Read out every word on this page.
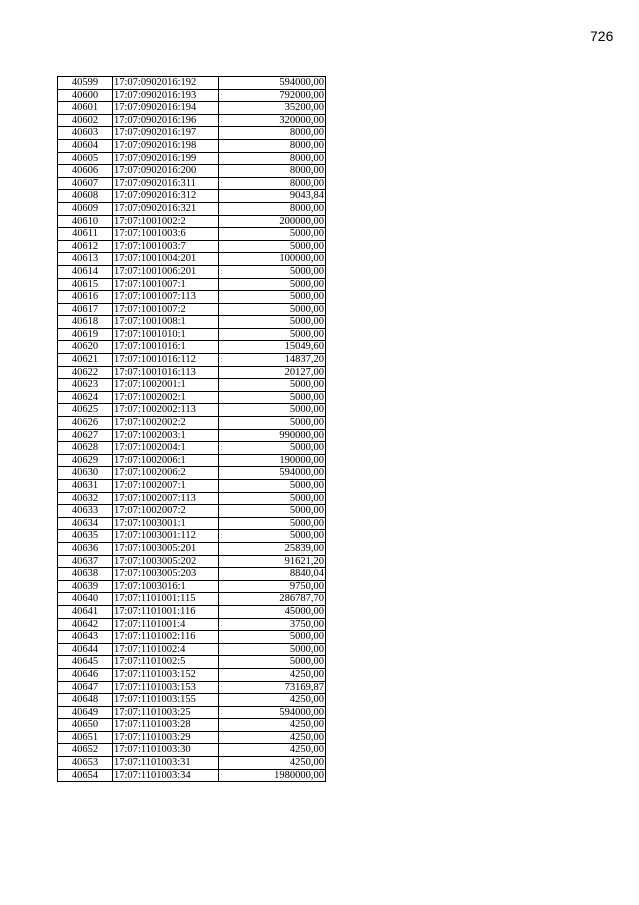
726
40599	17:07:0902016:192	594000,00
40600	17:07:0902016:193	792000,00
40601	17:07:0902016:194	35200,00
40602	17:07:0902016:196	320000,00
40603	17:07:0902016:197	8000,00
40604	17:07:0902016:198	8000,00
40605	17:07:0902016:199	8000,00
40606	17:07:0902016:200	8000,00
40607	17:07:0902016:311	8000,00
40608	17:07:0902016:312	9043,84
40609	17:07:0902016:321	8000,00
40610	17:07:1001002:2	200000,00
40611	17:07:1001003:6	5000,00
40612	17:07:1001003:7	5000,00
40613	17:07:1001004:201	100000,00
40614	17:07:1001006:201	5000,00
40615	17:07:1001007:1	5000,00
40616	17:07:1001007:113	5000,00
40617	17:07:1001007:2	5000,00
40618	17:07:1001008:1	5000,00
40619	17:07:1001010:1	5000,00
40620	17:07:1001016:1	15049,60
40621	17:07:1001016:112	14837,20
40622	17:07:1001016:113	20127,00
40623	17:07:1002001:1	5000,00
40624	17:07:1002002:1	5000,00
40625	17:07:1002002:113	5000,00
40626	17:07:1002002:2	5000,00
40627	17:07:1002003:1	990000,00
40628	17:07:1002004:1	5000,00
40629	17:07:1002006:1	190000,00
40630	17:07:1002006:2	594000,00
40631	17:07:1002007:1	5000,00
40632	17:07:1002007:113	5000,00
40633	17:07:1002007:2	5000,00
40634	17:07:1003001:1	5000,00
40635	17:07:1003001:112	5000,00
40636	17:07:1003005:201	25839,00
40637	17:07:1003005:202	91621,20
40638	17:07:1003005:203	8840,04
40639	17:07:1003016:1	9750,00
40640	17:07:1101001:115	286787,70
40641	17:07:1101001:116	45000,00
40642	17:07:1101001:4	3750,00
40643	17:07:1101002:116	5000,00
40644	17:07:1101002:4	5000,00
40645	17:07:1101002:5	5000,00
40646	17:07:1101003:152	4250,00
40647	17:07:1101003:153	73169,87
40648	17:07:1101003:155	4250,00
40649	17:07:1101003:25	594000,00
40650	17:07:1101003:28	4250,00
40651	17:07:1101003:29	4250,00
40652	17:07:1101003:30	4250,00
40653	17:07:1101003:31	4250,00
40654	17:07:1101003:34	1980000,00
